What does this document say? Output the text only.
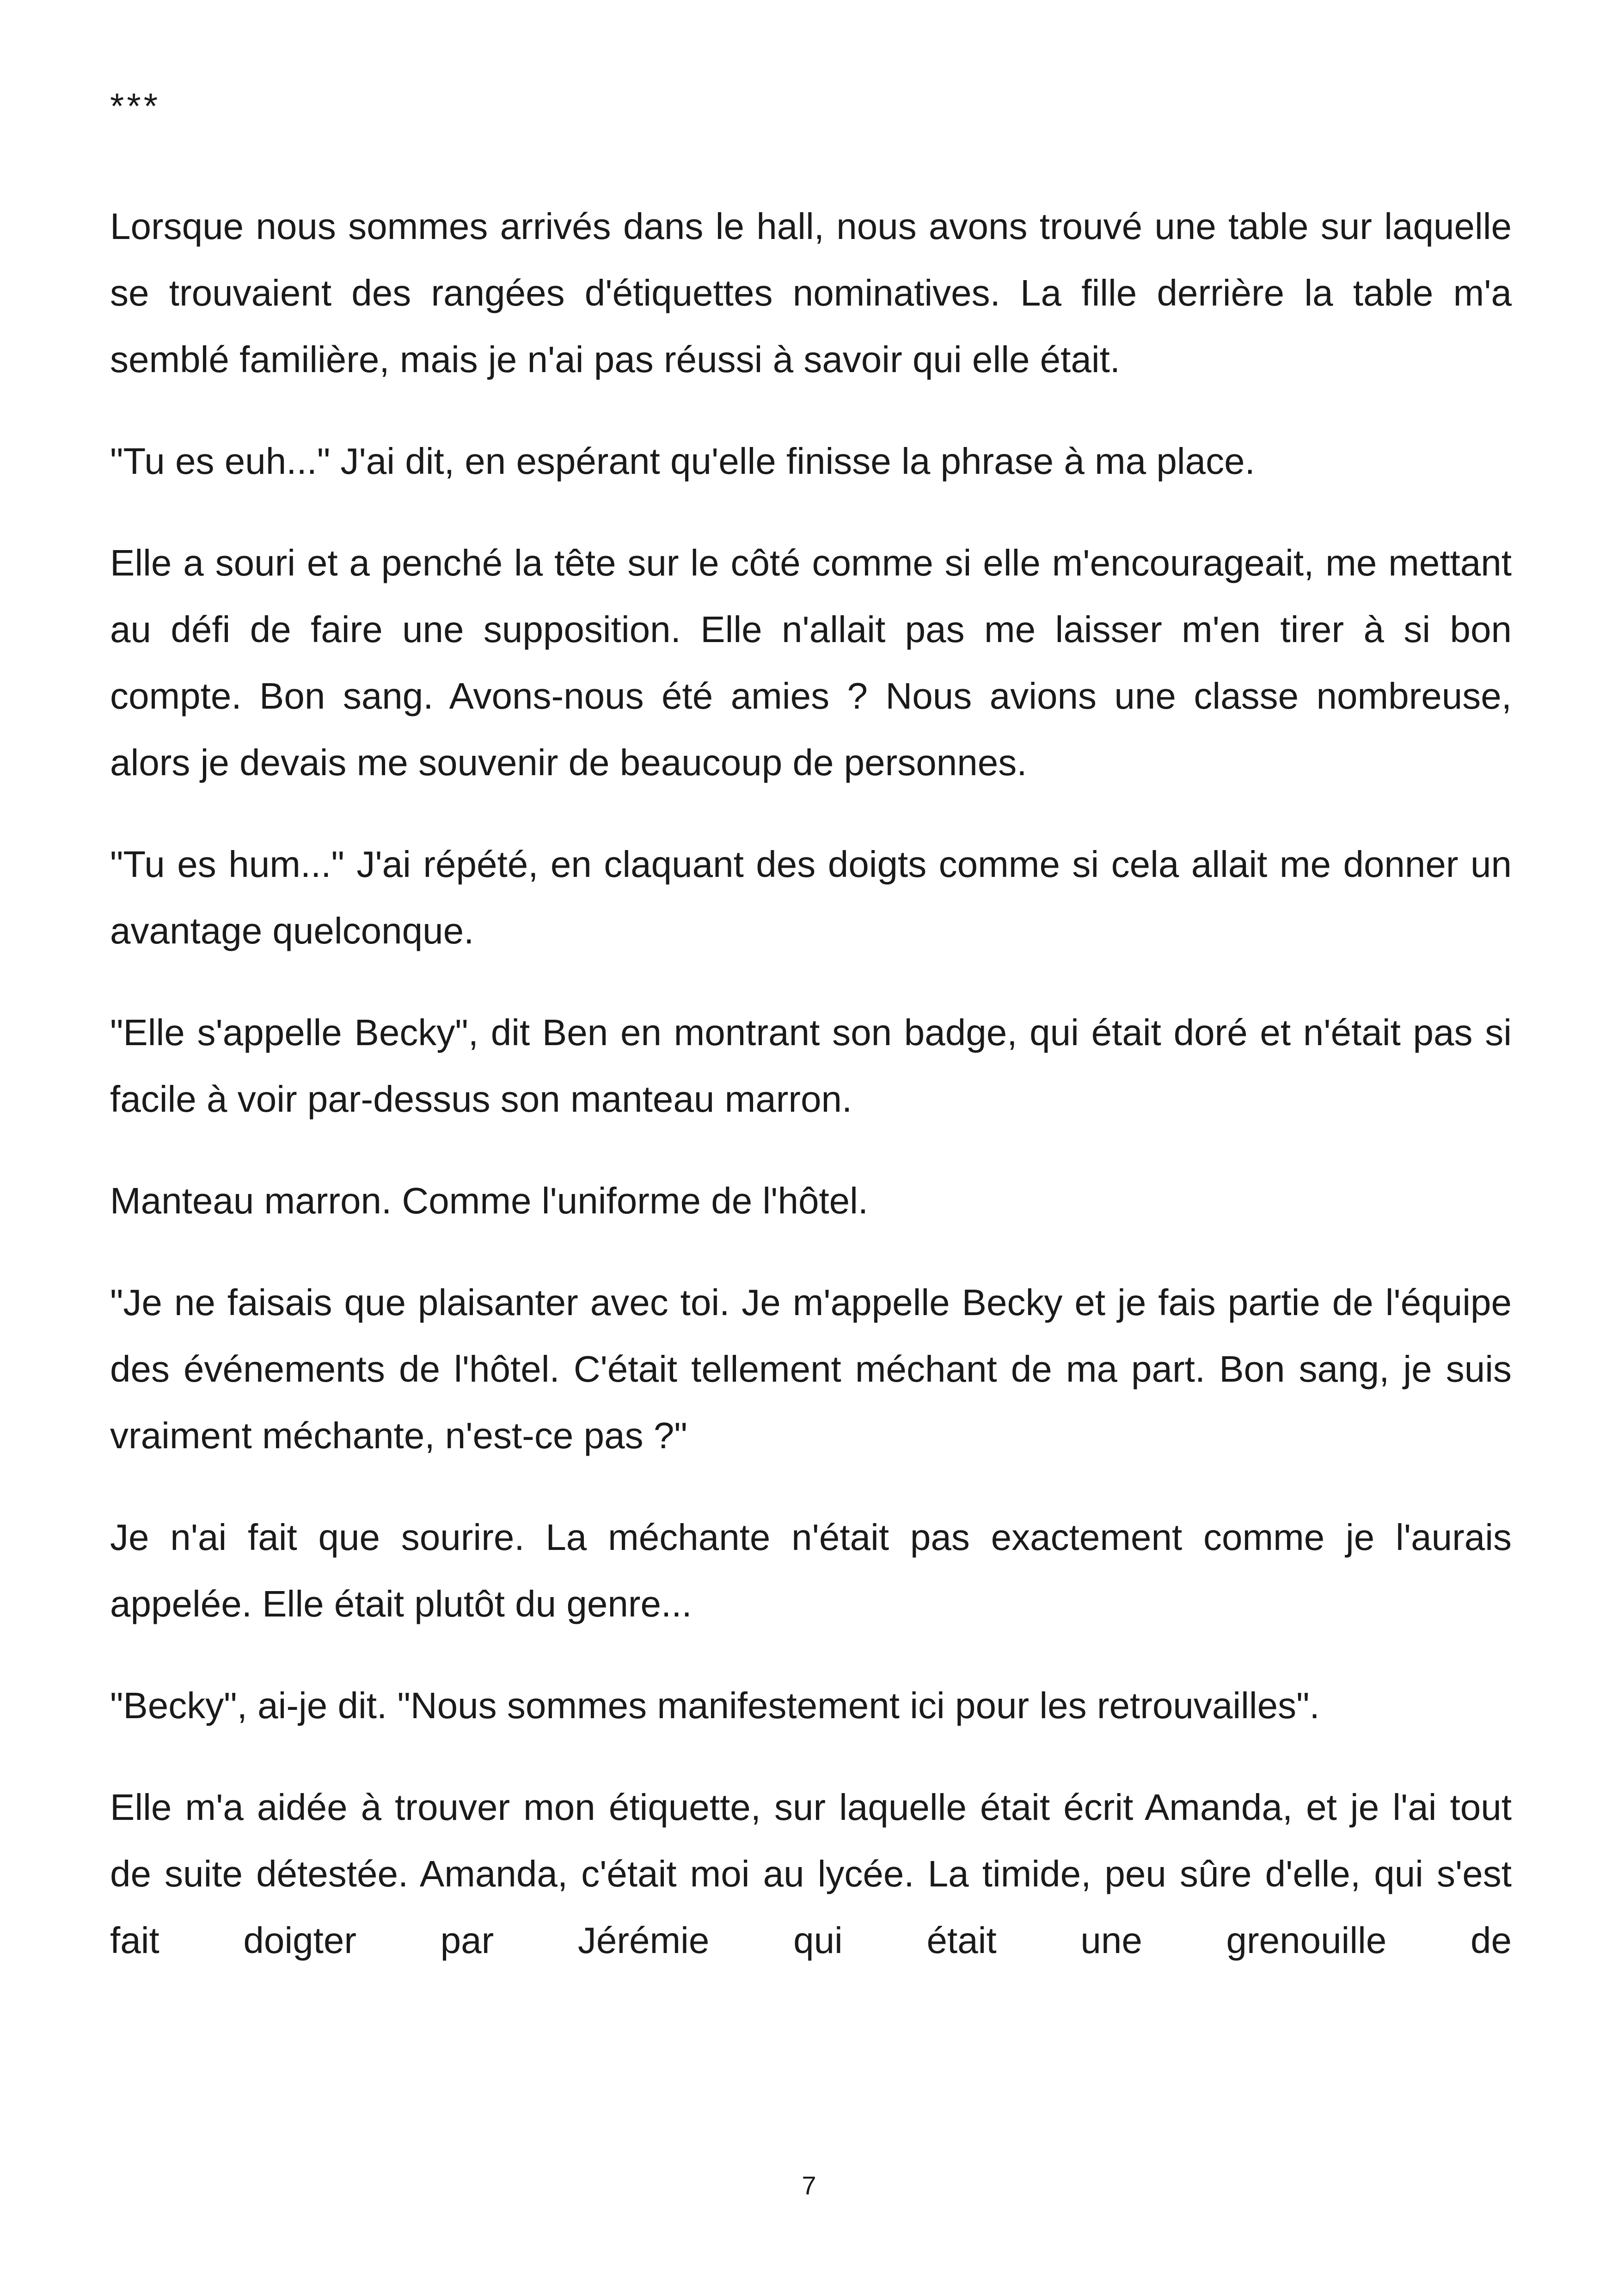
***

Lorsque nous sommes arrivés dans le hall, nous avons trouvé une table sur laquelle se trouvaient des rangées d'étiquettes nominatives. La fille derrière la table m'a semblé familière, mais je n'ai pas réussi à savoir qui elle était.

"Tu es euh..." J'ai dit, en espérant qu'elle finisse la phrase à ma place.

Elle a souri et a penché la tête sur le côté comme si elle m'encourageait, me mettant au défi de faire une supposition. Elle n'allait pas me laisser m'en tirer à si bon compte. Bon sang. Avons-nous été amies ? Nous avions une classe nombreuse, alors je devais me souvenir de beaucoup de personnes.

"Tu es hum..." J'ai répété, en claquant des doigts comme si cela allait me donner un avantage quelconque.

"Elle s'appelle Becky", dit Ben en montrant son badge, qui était doré et n'était pas si facile à voir par-dessus son manteau marron.

Manteau marron. Comme l'uniforme de l'hôtel.

"Je ne faisais que plaisanter avec toi. Je m'appelle Becky et je fais partie de l'équipe des événements de l'hôtel. C'était tellement méchant de ma part. Bon sang, je suis vraiment méchante, n'est-ce pas ?"

Je n'ai fait que sourire. La méchante n'était pas exactement comme je l'aurais appelée. Elle était plutôt du genre...

"Becky", ai-je dit. "Nous sommes manifestement ici pour les retrouvailles".

Elle m'a aidée à trouver mon étiquette, sur laquelle était écrit Amanda, et je l'ai tout de suite détestée. Amanda, c'était moi au lycée. La timide, peu sûre d'elle, qui s'est fait doigter par Jérémie qui était une grenouille de

7
